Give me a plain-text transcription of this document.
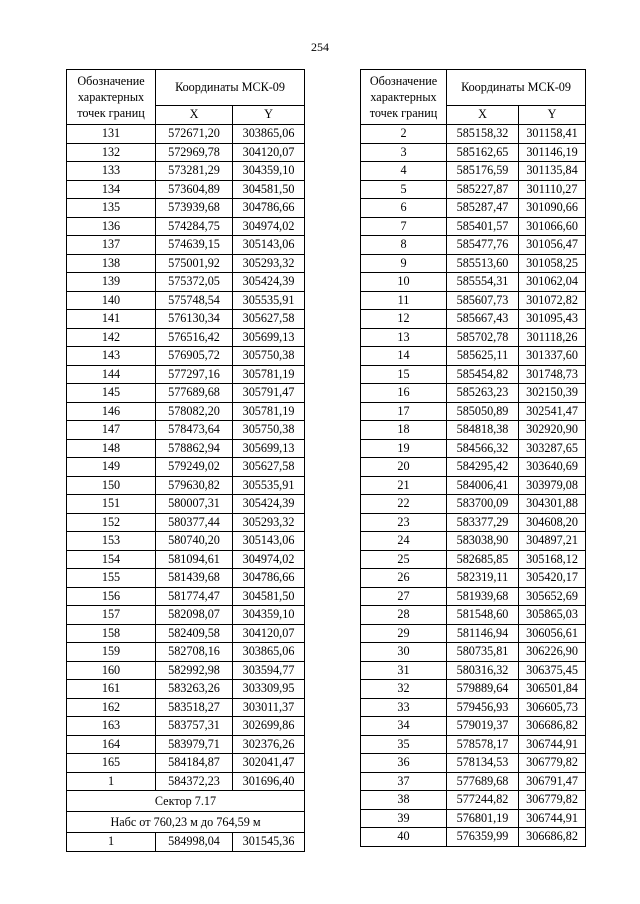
254
Обозначение характерных точек границ	Координаты МСК-09	
	X	Y
131	572671,20	303865,06
132	572969,78	304120,07
133	573281,29	304359,10
134	573604,89	304581,50
135	573939,68	304786,66
136	574284,75	304974,02
137	574639,15	305143,06
138	575001,92	305293,32
139	575372,05	305424,39
140	575748,54	305535,91
141	576130,34	305627,58
142	576516,42	305699,13
143	576905,72	305750,38
144	577297,16	305781,19
145	577689,68	305791,47
146	578082,20	305781,19
147	578473,64	305750,38
148	578862,94	305699,13
149	579249,02	305627,58
150	579630,82	305535,91
151	580007,31	305424,39
152	580377,44	305293,32
153	580740,20	305143,06
154	581094,61	304974,02
155	581439,68	304786,66
156	581774,47	304581,50
157	582098,07	304359,10
158	582409,58	304120,07
159	582708,16	303865,06
160	582992,98	303594,77
161	583263,26	303309,95
162	583518,27	303011,37
163	583757,31	302699,86
164	583979,71	302376,26
165	584184,87	302041,47
1	584372,23	301696,40
Сектор 7.17		
Набс от 760,23 м до 764,59 м		
1	584998,04	301545,36
Обозначение характерных точек границ	Координаты МСК-09	
	X	Y
2	585158,32	301158,41
3	585162,65	301146,19
4	585176,59	301135,84
5	585227,87	301110,27
6	585287,47	301090,66
7	585401,57	301066,60
8	585477,76	301056,47
9	585513,60	301058,25
10	585554,31	301062,04
11	585607,73	301072,82
12	585667,43	301095,43
13	585702,78	301118,26
14	585625,11	301337,60
15	585454,82	301748,73
16	585263,23	302150,39
17	585050,89	302541,47
18	584818,38	302920,90
19	584566,32	303287,65
20	584295,42	303640,69
21	584006,41	303979,08
22	583700,09	304301,88
23	583377,29	304608,20
24	583038,90	304897,21
25	582685,85	305168,12
26	582319,11	305420,17
27	581939,68	305652,69
28	581548,60	305865,03
29	581146,94	306056,61
30	580735,81	306226,90
31	580316,32	306375,45
32	579889,64	306501,84
33	579456,93	306605,73
34	579019,37	306686,82
35	578578,17	306744,91
36	578134,53	306779,82
37	577689,68	306791,47
38	577244,82	306779,82
39	576801,19	306744,91
40	576359,99	306686,82
